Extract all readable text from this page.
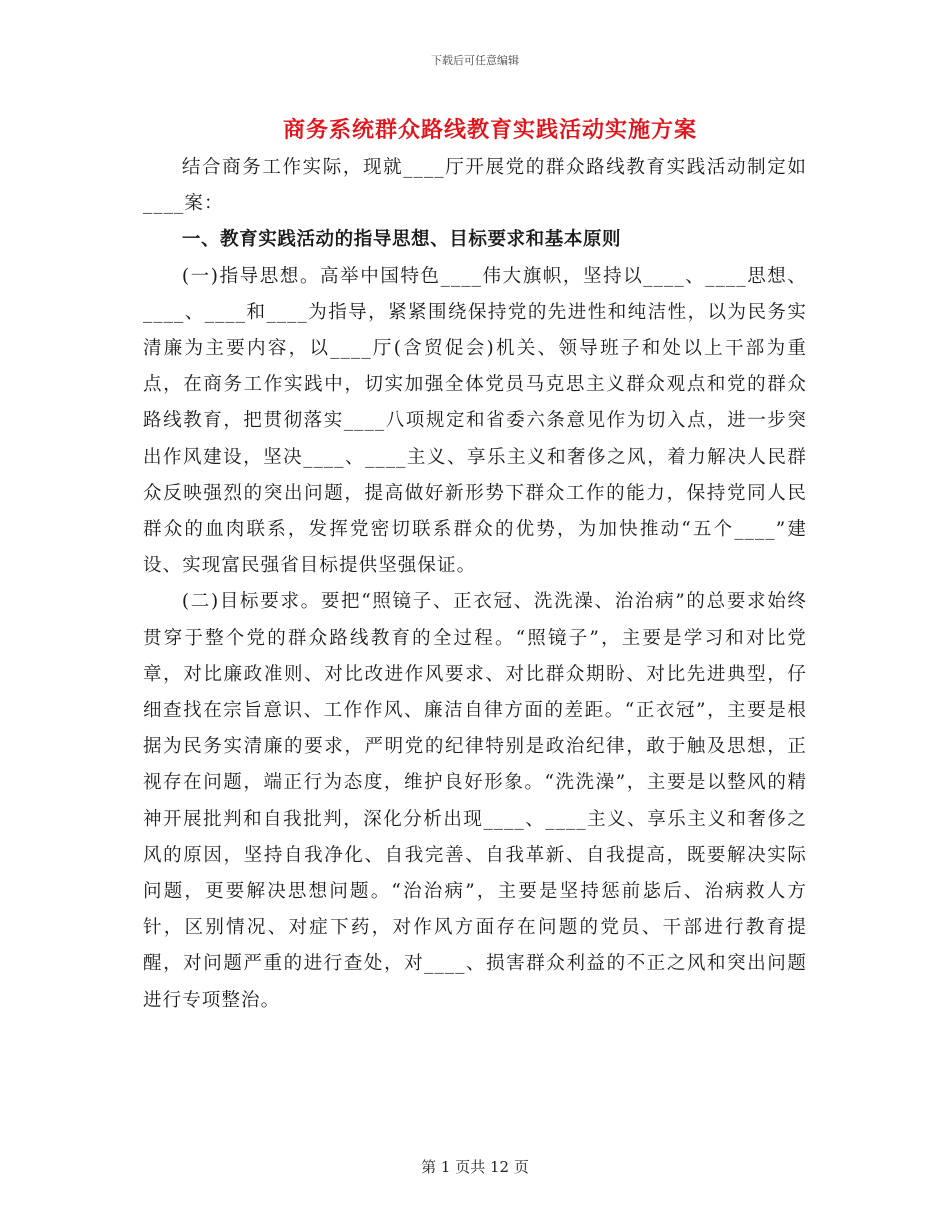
下载后可任意编辑
商务系统群众路线教育实践活动实施方案

结合商务工作实际，现就____厅开展党的群众路线教育实践活动制定如____案：

一、教育实践活动的指导思想、目标要求和基本原则

(一)指导思想。高举中国特色____伟大旗帜，坚持以____、____思想、____、____和____为指导，紧紧围绕保持党的先进性和纯洁性，以为民务实清廉为主要内容，以____厅(含贸促会)机关、领导班子和处以上干部为重点，在商务工作实践中，切实加强全体党员马克思主义群众观点和党的群众路线教育，把贯彻落实____八项规定和省委六条意见作为切入点，进一步突出作风建设，坚决____、____主义、享乐主义和奢侈之风，着力解决人民群众反映强烈的突出问题，提高做好新形势下群众工作的能力，保持党同人民群众的血肉联系，发挥党密切联系群众的优势，为加快推动“五个____”建设、实现富民强省目标提供坚强保证。

(二)目标要求。要把“照镜子、正衣冠、洗洗澡、治治病”的总要求始终贯穿于整个党的群众路线教育的全过程。“照镜子”，主要是学习和对比党章，对比廉政准则、对比改进作风要求、对比群众期盼、对比先进典型，仔细查找在宗旨意识、工作作风、廉洁自律方面的差距。“正衣冠”，主要是根据为民务实清廉的要求，严明党的纪律特别是政治纪律，敢于触及思想，正视存在问题，端正行为态度，维护良好形象。“洗洗澡”，主要是以整风的精神开展批判和自我批判，深化分析出现____、____主义、享乐主义和奢侈之风的原因，坚持自我净化、自我完善、自我革新、自我提高，既要解决实际问题，更要解决思想问题。“治治病”，主要是坚持惩前毖后、治病救人方针，区别情况、对症下药，对作风方面存在问题的党员、干部进行教育提醒，对问题严重的进行查处，对____、损害群众利益的不正之风和突出问题进行专项整治。

第 1 页共 12 页
